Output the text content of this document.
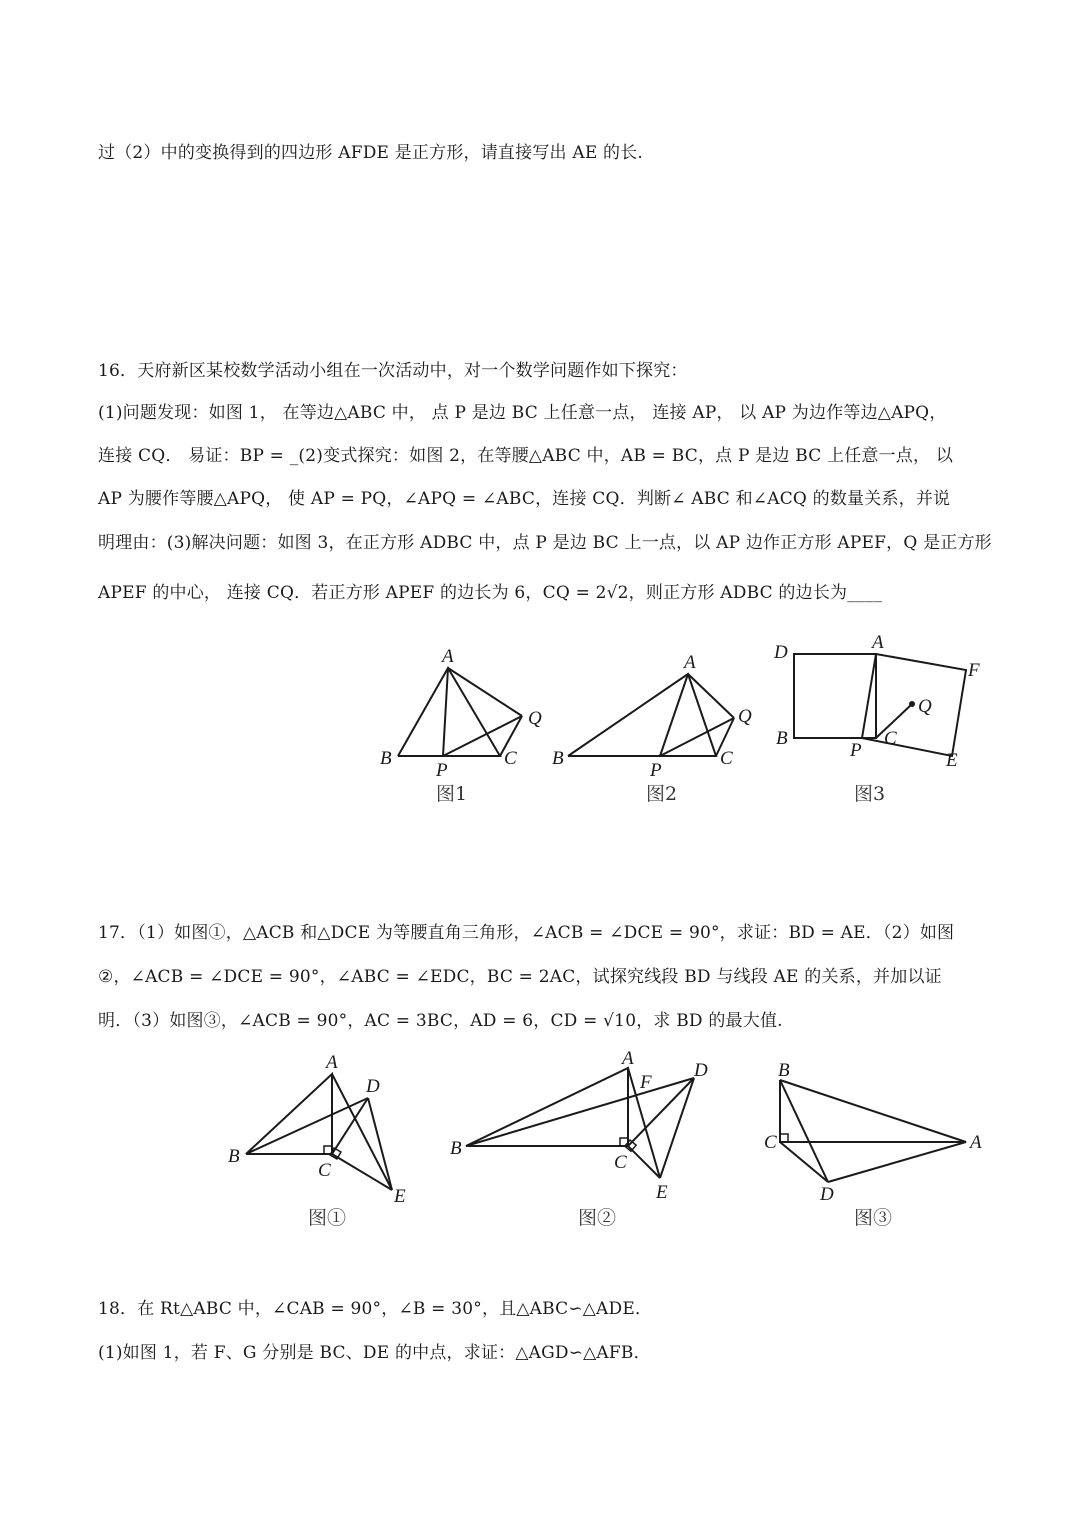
过（2）中的变换得到的四边形 AFDE 是正方形，请直接写出 AE 的长.
16．天府新区某校数学活动小组在一次活动中，对一个数学问题作如下探究：
(1)问题发现：如图 1， 在等边△ABC 中， 点 P 是边 BC 上任意一点， 连接 AP， 以 AP 为边作等边△APQ，
连接 CQ． 易证：BP = _(2)变式探究：如图 2，在等腰△ABC 中，AB = BC，点 P 是边 BC 上任意一点， 以
AP 为腰作等腰△APQ， 使 AP = PQ，∠APQ = ∠ABC，连接 CQ．判断∠ ABC 和∠ACQ 的数量关系，并说
明理由：(3)解决问题：如图 3，在正方形 ADBC 中，点 P 是边 BC 上一点，以 AP 边作正方形 APEF，Q 是正方形
APEF 的中心， 连接 CQ．若正方形 APEF 的边长为 6，CQ = 2√2，则正方形 ADBC 的边长为____
A
B
P
C
Q
图1
A
B
P
C
Q
图2
D	A
F
B
P
C
Q
E
图3
17．（1）如图①，△ACB 和△DCE 为等腰直角三角形，∠ACB = ∠DCE = 90°，求证：BD = AE．（2）如图
②，∠ACB = ∠DCE = 90°，∠ABC = ∠EDC，BC = 2AC，试探究线段 BD 与线段 AE 的关系，并加以证
明．（3）如图③，∠ACB = 90°，AC = 3BC，AD = 6，CD = √10，求 BD 的最大值.
A
D
B
C
E
图①
A
F
D
B
C
E
图②
B
C	A
D
图③
18．在 Rt△ABC 中，∠CAB = 90°，∠B = 30°，且△ABC∽△ADE．
(1)如图 1，若 F、G 分别是 BC、DE 的中点，求证：△AGD∽△AFB．
